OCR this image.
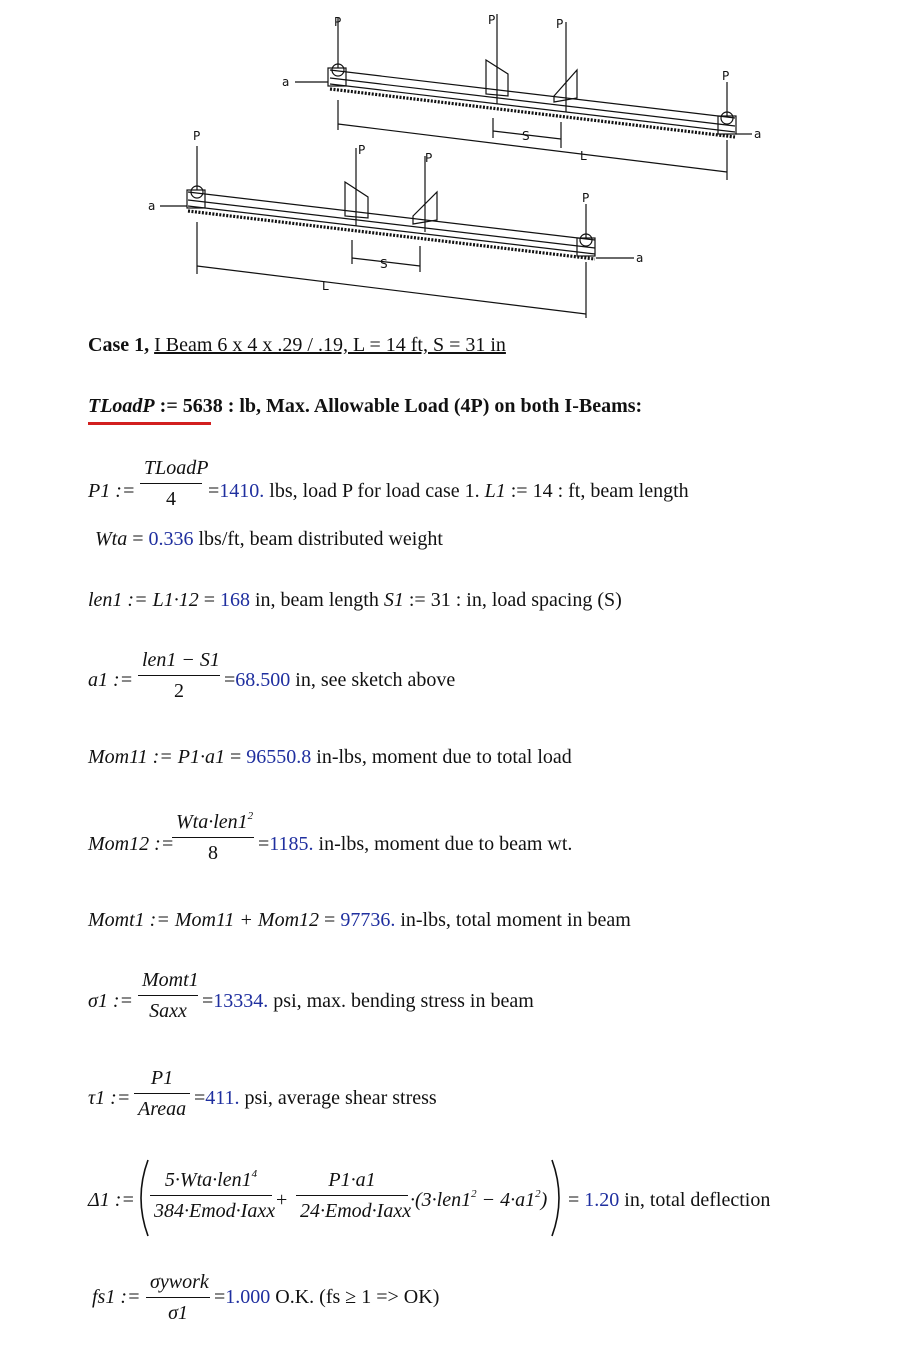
P	P	P
P
P
P
P
P
a
a
a
a
S
S
L
L
Case 1, I Beam 6 x 4 x .29 / .19, L = 14 ft, S = 31 in
TLoadP := 5638 : lb, Max. Allowable Load (4P) on both I-Beams:
P1 :=
TLoadP
4	=1410. lbs, load P for load case 1. L1 := 14 : ft, beam length
Wta = 0.336 lbs/ft, beam distributed weight
len1 := L1·12 = 168 in, beam length S1 := 31 : in, load spacing (S)
a1 :=
len1 − S1
2	=68.500 in, see sketch above
Mom11 := P1·a1 = 96550.8 in-lbs, moment due to total load
Mom12 :=
$Wta\cdot len1^2$
8	=1185. in-lbs, moment due to beam wt.
Momt1 := Mom11 + Mom12 = 97736. in-lbs, total moment in beam
σ1 :=
Momt1
Saxx =13334. psi, max. bending stress in beam
τ1 :=
P1
Areaa =411. psi, average shear stress
Δ1 :=
$5\cdot Wta\cdot len1^4$
384·Emod·Iaxx +
P1·a1
24·Emod·Iaxx
$\cdot(3\cdot len1^2 - 4\cdot a1^2) = 1.20$ in, total deflection
fs1 :=
σywork
σ1
=1.000 O.K. (fs ≥ 1 => OK)
